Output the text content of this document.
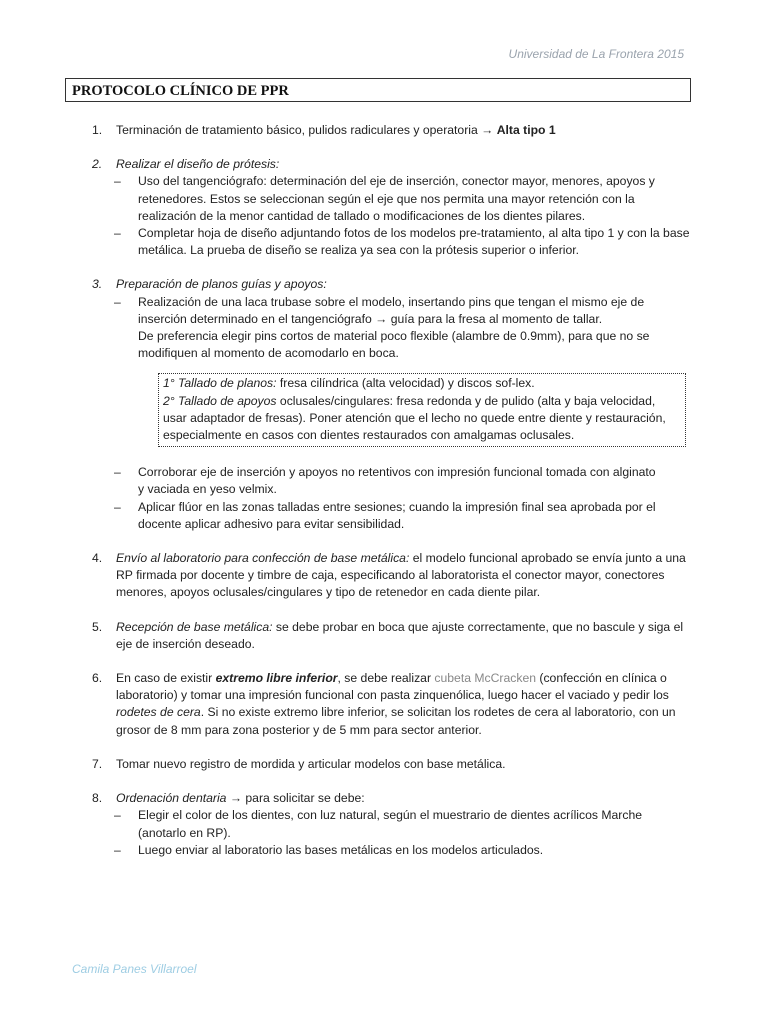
Universidad de La Frontera 2015
PROTOCOLO CLÍNICO DE PPR
1. Terminación de tratamiento básico, pulidos radiculares y operatoria → Alta tipo 1
2. Realizar el diseño de prótesis:
– Uso del tangenciógrafo: determinación del eje de inserción, conector mayor, menores, apoyos y retenedores. Estos se seleccionan según el eje que nos permita una mayor retención con la realización de la menor cantidad de tallado o modificaciones de los dientes pilares.
– Completar hoja de diseño adjuntando fotos de los modelos pre-tratamiento, al alta tipo 1 y con la base metálica. La prueba de diseño se realiza ya sea con la prótesis superior o inferior.
3. Preparación de planos guías y apoyos:
– Realización de una laca trubase sobre el modelo, insertando pins que tengan el mismo eje de inserción determinado en el tangenciógrafo → guía para la fresa al momento de tallar.
De preferencia elegir pins cortos de material poco flexible (alambre de 0.9mm), para que no se modifiquen al momento de acomodarlo en boca.
1° Tallado de planos: fresa cilíndrica (alta velocidad) y discos sof-lex.
2° Tallado de apoyos oclusales/cingulares: fresa redonda y de pulido (alta y baja velocidad, usar adaptador de fresas). Poner atención que el lecho no quede entre diente y restauración, especialmente en casos con dientes restaurados con amalgamas oclusales.
– Corroborar eje de inserción y apoyos no retentivos con impresión funcional tomada con alginato
y vaciada en yeso velmix.
– Aplicar flúor en las zonas talladas entre sesiones; cuando la impresión final sea aprobada por el docente aplicar adhesivo para evitar sensibilidad.
4. Envío al laboratorio para confección de base metálica: el modelo funcional aprobado se envía junto a una RP firmada por docente y timbre de caja, especificando al laboratorista el conector mayor, conectores menores, apoyos oclusales/cingulares y tipo de retenedor en cada diente pilar.
5. Recepción de base metálica: se debe probar en boca que ajuste correctamente, que no bascule y siga el eje de inserción deseado.
6. En caso de existir extremo libre inferior, se debe realizar cubeta McCracken (confección en clínica o laboratorio) y tomar una impresión funcional con pasta zinquenólica, luego hacer el vaciado y pedir los rodetes de cera. Si no existe extremo libre inferior, se solicitan los rodetes de cera al laboratorio, con un grosor de 8 mm para zona posterior y de 5 mm para sector anterior.
7. Tomar nuevo registro de mordida y articular modelos con base metálica.
8. Ordenación dentaria → para solicitar se debe:
– Elegir el color de los dientes, con luz natural, según el muestrario de dientes acrílicos Marche (anotarlo en RP).
– Luego enviar al laboratorio las bases metálicas en los modelos articulados.
Camila Panes Villarroel
